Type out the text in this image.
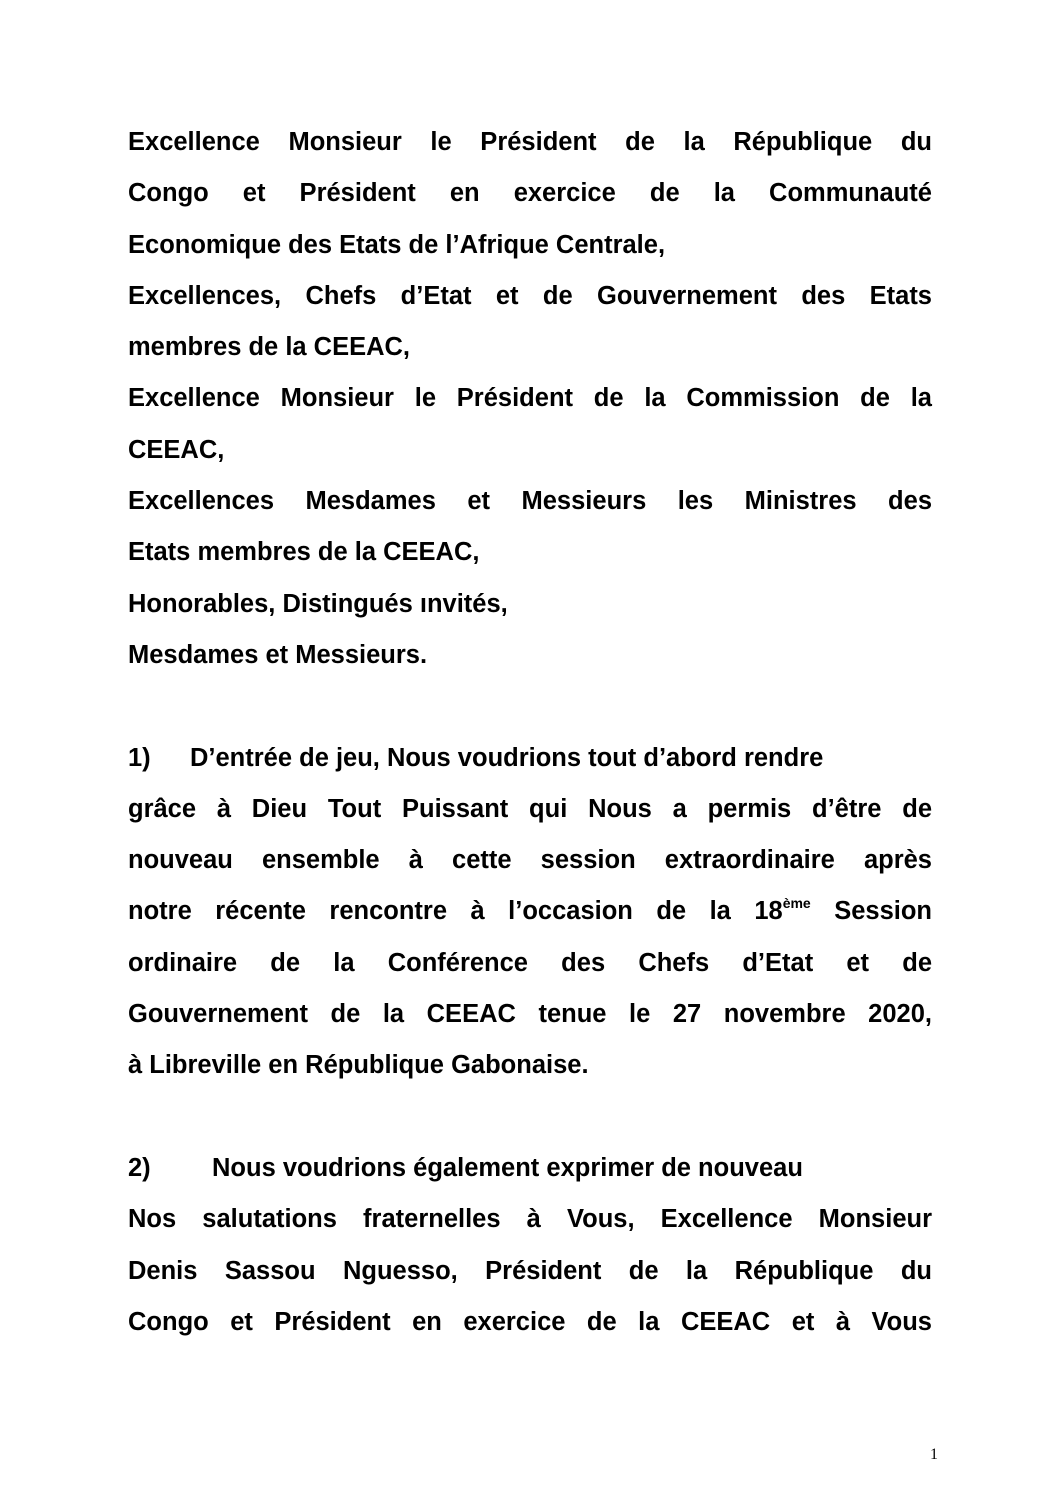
Excellence Monsieur le Président de la République du
Congo et Président en exercice de la Communauté
Economique des Etats de l’Afrique Centrale,
Excellences, Chefs d’Etat et de Gouvernement des Etats
membres de la CEEAC,
Excellence Monsieur le Président de la Commission de la
CEEAC,
Excellences Mesdames et Messieurs les Ministres des
Etats membres de la CEEAC,
Honorables, Distingués ınvités,
Mesdames et Messieurs.
1) D’entrée de jeu, Nous voudrions tout d’abord rendre
grâce à Dieu Tout Puissant qui Nous a permis d’être de
nouveau ensemble à cette session extraordinaire après
notre récente rencontre à l’occasion de la 18ème Session
ordinaire de la Conférence des Chefs d’Etat et de
Gouvernement de la CEEAC tenue le 27 novembre 2020,
à Libreville en République Gabonaise.
2) Nous voudrions également exprimer de nouveau
Nos salutations fraternelles à Vous, Excellence Monsieur
Denis Sassou Nguesso, Président de la République du
Congo et Président en exercice de la CEEAC et à Vous
1
